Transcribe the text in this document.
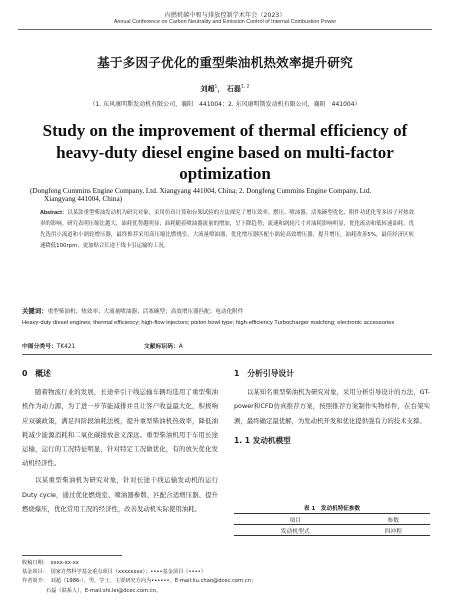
内燃机碳中和与排放控制学术年会（2023）
Annual Conference on Carbon Neutrality and Emission Control of Internal Combustion Power
基于多因子优化的重型柴油机热效率提升研究
刘超$^1$， 石磊$^{1, 2}$
（1. 东风康明斯发动机有限公司，襄阳　441004；2. 东风康明斯发动机有限公司，襄阳　441004）
Study on the improvement of thermal efficiency of
heavy-duty diesel engine based on multi-factor
optimization
(Dongfeng Cummins Engine Company, Ltd. Xiangyang 441004, China; 2. Dongfeng Cummins Engine Company, Ltd.
Xiangyang 441004, China)
Abstract：以某款重型柴油发动机为研究对象，采用仿真计算和台架试验的方法探究了增压效率、燃压、喷油器、活塞碗型优化、附件功优化等多因子对热效率的影响。研究表明压缩比越大，油耗优势越明显；油耗随着喷油器流量的增加，呈下降趋势；流速和涡轮尺寸对油耗影响明显，优化流动和低转速油耗。优先选用小流道和小涡轮增压器，最终推荐采用高压缩比燃烧室，大流量喷油器，优化增压器匹配小涡轮高效增压器，提升增压，油耗改善5%，最佳经济区转速降低100rpm，更加贴合长途干线卡引运输的工况。
关键词：重型柴油机；热效率；大流量喷油器；活塞碗型；高效增压器匹配；电动化附件
Heavy-duty diesel engines; thermal efficiency; high-flow injectors; piston bowl type; high-efficiency Turbocharger matching; electronic accessories
中图分类号：TK421	文献标识码：A
0　概述

随着物流行业的发展，长途牵引干线运输车辆均选用了重型柴油机作为动力源，为了进一步节能减排并且让客户收益最大化，积极响应双碳政策，满足四阶段油耗法规，提升重型柴油机热效率，降低油耗减少能源消耗和二氧化碳排放意义深远。重型柴油机用于车用长途运输，运行的工况特征明显，针对特定工况做优化，有的放矢优化发动机经济性。

以某重型柴油机为研究对象，针对长途干线运输发动机的运行Duty cycle，通过优化燃烧室、喷油器参数、匹配合适增压器、提升燃烧爆压，优化常用工况的经济性，改善发动机实际使用油耗。

1　分析引导设计

以某知名重型柴油机为研究对象，采用分析引导设计的方法，GT-power和CFD仿真推荐方案，按照推荐方案制作实物样件，在台架实测，最终确定最优解，为发动机开发和优化提供强有力的技术支撑。

1. 1 发动机模型
表 1　发动机特征参数
项目	参数
发动机型式	四冲程
收稿日期：　xxxx-xx-xx
基金项目：　国家自然科学基金重点项目（xxxxxxxx）；••••基金项目（••••）
作者简介：　刘超（1986-），男，学士，主要研究方向为••••••。E-mail:liu.chao@dcec.com.cn；
石磊（联系人），E-mail:shi.lei@dcec.com.cn。
